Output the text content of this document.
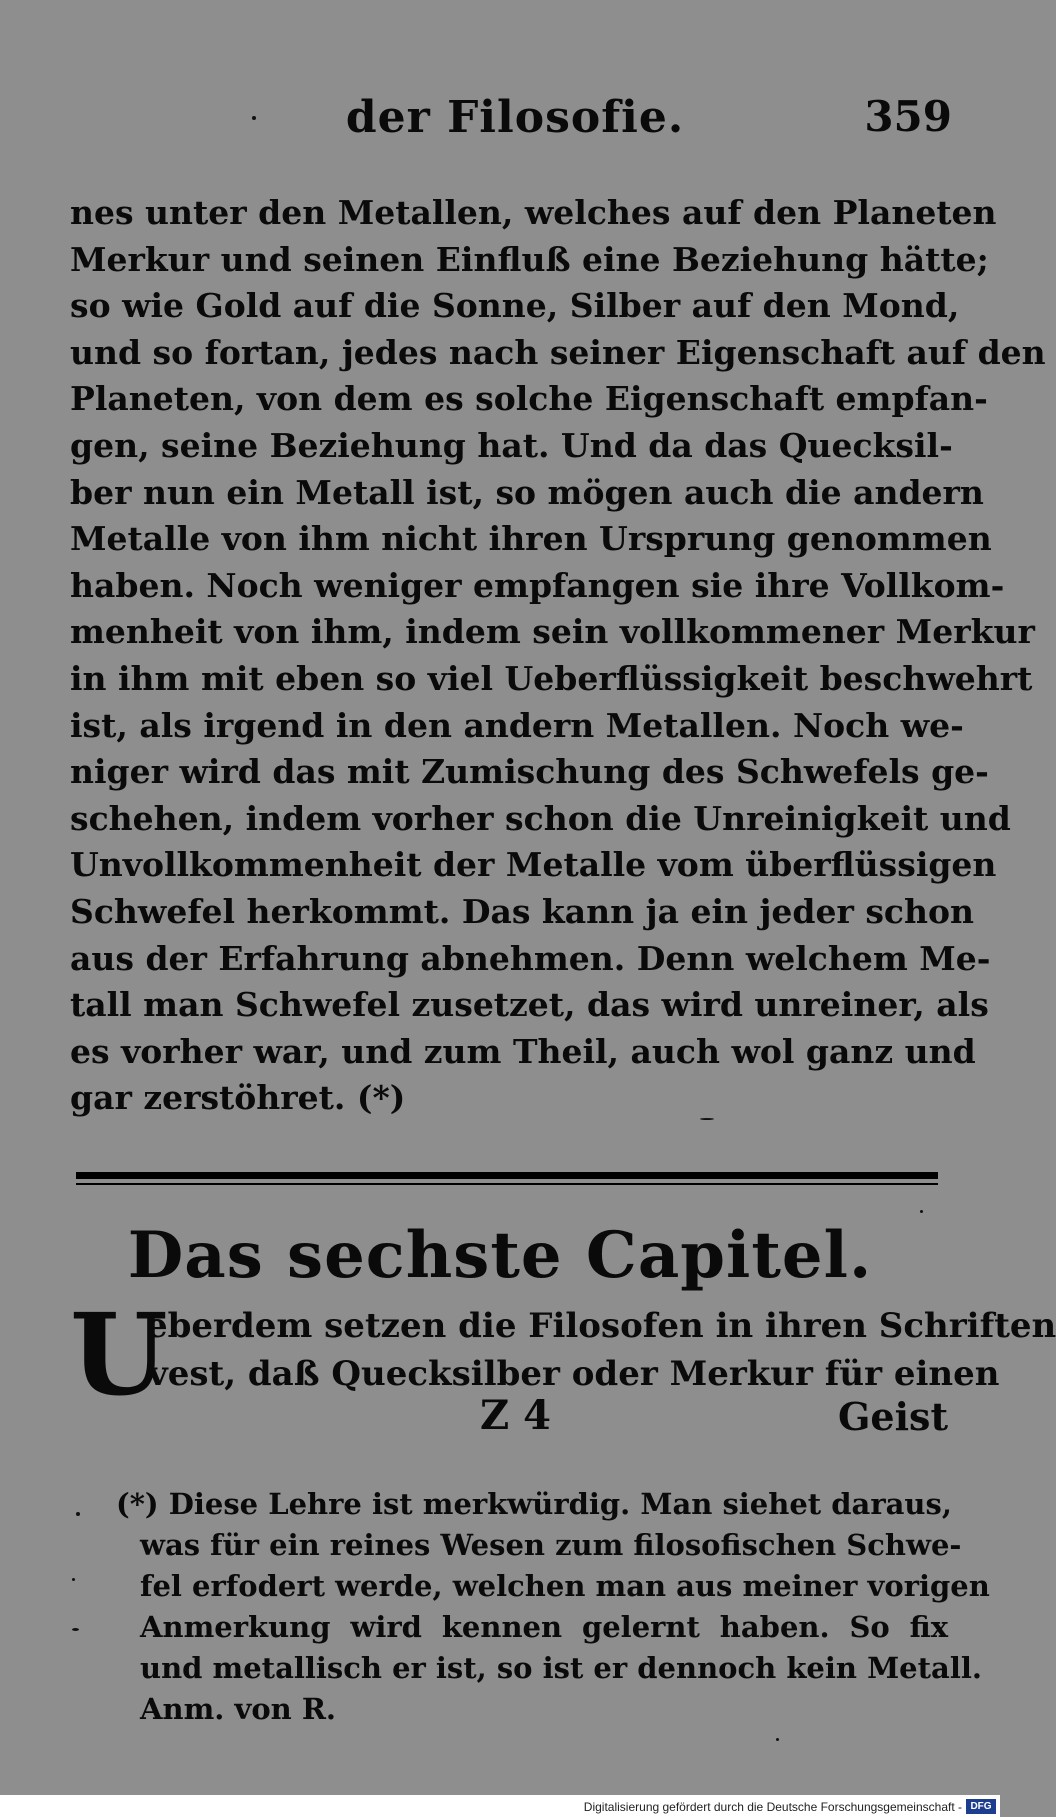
der Filosofie.	359
nes unter den Metallen, welches auf den Planeten
Merkur und seinen Einfluß eine Beziehung hätte;
so wie Gold auf die Sonne, Silber auf den Mond,
und so fortan, jedes nach seiner Eigenschaft auf den
Planeten, von dem es solche Eigenschaft empfan-
gen, seine Beziehung hat. Und da das Quecksil-
ber nun ein Metall ist, so mögen auch die andern
Metalle von ihm nicht ihren Ursprung genommen
haben. Noch weniger empfangen sie ihre Vollkom-
menheit von ihm, indem sein vollkommener Merkur
in ihm mit eben so viel Ueberflüssigkeit beschwehrt
ist, als irgend in den andern Metallen. Noch we-
niger wird das mit Zumischung des Schwefels ge-
schehen, indem vorher schon die Unreinigkeit und
Unvollkommenheit der Metalle vom überflüssigen
Schwefel herkommt. Das kann ja ein jeder schon
aus der Erfahrung abnehmen. Denn welchem Me-
tall man Schwefel zusetzet, das wird unreiner, als
es vorher war, und zum Theil, auch wol ganz und
gar zerstöhret. (*)
Das sechste Capitel.
U
eberdem setzen die Filosofen in ihren Schriften
vest, daß Quecksilber oder Merkur für einen
Z 4	Geist
(*) Diese Lehre ist merkwürdig. Man siehet daraus,
was für ein reines Wesen zum filosofischen Schwe-
fel erfodert werde, welchen man aus meiner vorigen
Anmerkung wird kennen gelernt haben. So fix
und metallisch er ist, so ist er dennoch kein Metall.
Anm. von R.
Digitalisierung gefördert durch die Deutsche Forschungsgemeinschaft - DFG
